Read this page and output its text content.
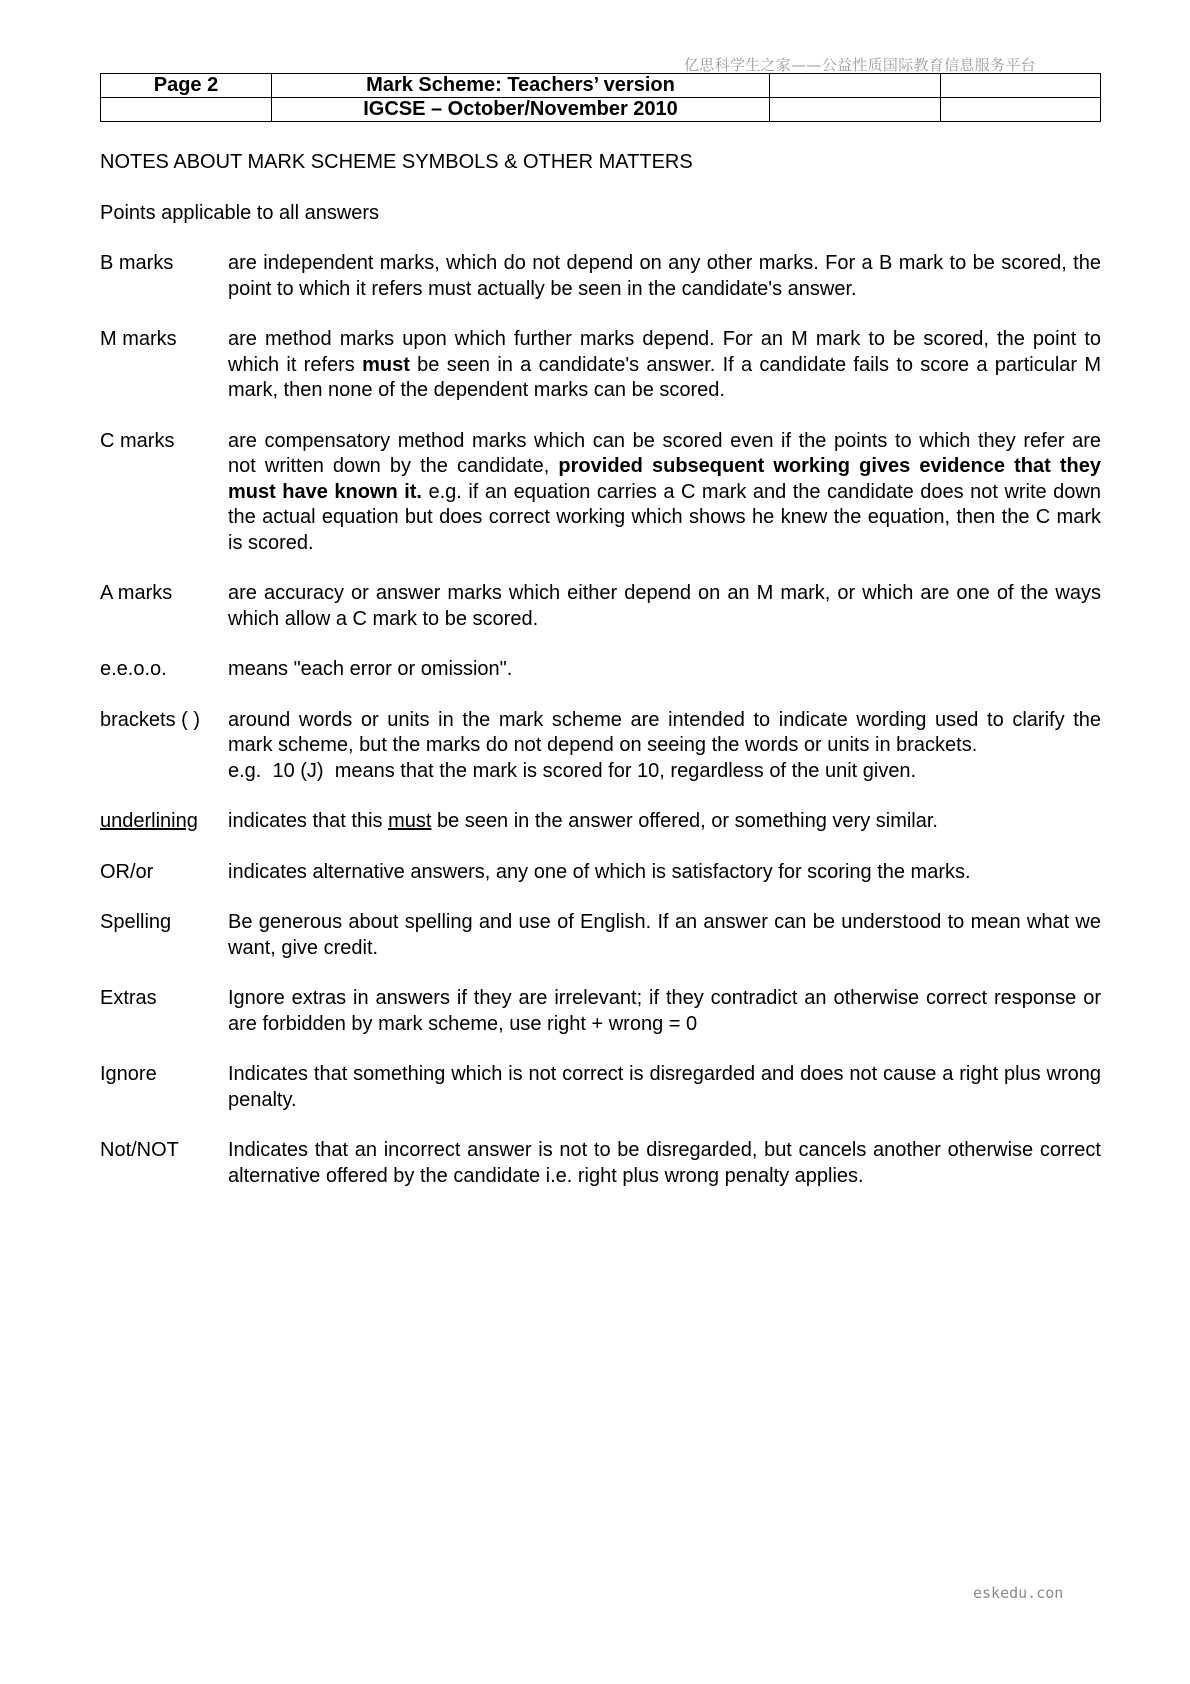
亿思科学生之家——公益性质国际教育信息服务平台
Page 2	Mark Scheme: Teachers’ version		
	IGCSE – October/November 2010		
NOTES ABOUT MARK SCHEME SYMBOLS & OTHER MATTERS
Points applicable to all answers
B marks	are independent marks, which do not depend on any other marks. For a B mark to be scored, the point to which it refers must actually be seen in the candidate's answer.
M marks	are method marks upon which further marks depend. For an M mark to be scored, the point to which it refers must be seen in a candidate's answer. If a candidate fails to score a particular M mark, then none of the dependent marks can be scored.
C marks	are compensatory method marks which can be scored even if the points to which they refer are not written down by the candidate, provided subsequent working gives evidence that they must have known it. e.g. if an equation carries a C mark and the candidate does not write down the actual equation but does correct working which shows he knew the equation, then the C mark is scored.
A marks	are accuracy or answer marks which either depend on an M mark, or which are one of the ways which allow a C mark to be scored.
e.e.o.o.	means "each error or omission".
brackets ( )	around words or units in the mark scheme are intended to indicate wording used to clarify the mark scheme, but the marks do not depend on seeing the words or units in brackets.

e.g.  10 (J)  means that the mark is scored for 10, regardless of the unit given.

underlining	indicates that this must be seen in the answer offered, or something very similar.
OR/or	indicates alternative answers, any one of which is satisfactory for scoring the marks.
Spelling	Be generous about spelling and use of English. If an answer can be understood to mean what we want, give credit.
Extras	Ignore extras in answers if they are irrelevant; if they contradict an otherwise correct response or are forbidden by mark scheme, use right + wrong = 0
Ignore	Indicates that something which is not correct is disregarded and does not cause a right plus wrong penalty.
Not/NOT	Indicates that an incorrect answer is not to be disregarded, but cancels another otherwise correct alternative offered by the candidate i.e. right plus wrong penalty applies.
eskedu.con
